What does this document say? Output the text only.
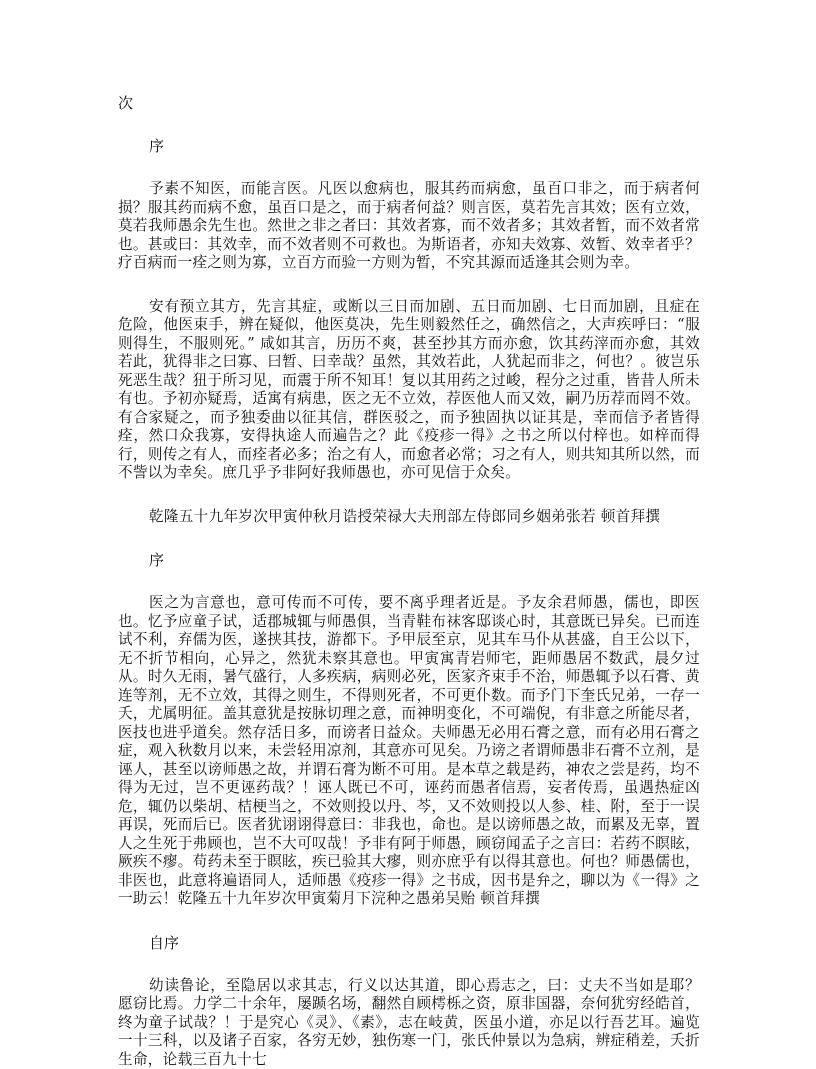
次

序

予素不知医，而能言医。凡医以愈病也，服其药而病愈，虽百口非之，而于病者何损？服其药而病不愈，虽百口是之，而于病者何益？则言医，莫若先言其效；医有立效，莫若我师愚余先生也。然世之非之者曰：其效者寡，而不效者多；其效者暂，而不效者常也。甚或曰：其效幸，而不效者则不可救也。为斯语者，亦知夫效寡、效暂、效幸者乎？疗百病而一痊之则为寡，立百方而验一方则为暂，不究其源而适逢其会则为幸。

安有预立其方，先言其症，或断以三日而加剧、五日而加剧、七日而加剧，且症在危险，他医束手，辨在疑似，他医莫决，先生则毅然任之，确然信之，大声疾呼曰：“服则得生，不服则死。” 咸如其言，历历不爽，甚至抄其方而亦愈，饮其药滓而亦愈，其效若此，犹得非之曰寡、曰暂、曰幸哉？虽然，其效若此，人犹起而非之，何也？。彼岂乐死恶生哉？狃于所习见，而震于所不知耳！复以其用药之过峻，程分之过重，皆昔人所未有也。予初亦疑焉，适寓有病患，医之无不立效，荐医他人而又效，嗣乃历荐而罔不效。有合家疑之，而予独委曲以征其信，群医驳之，而予独固执以证其是，幸而信予者皆得痊，然口众我寡，安得执途人而遍告之？此《疫疹一得》之书之所以付梓也。如梓而得行，则传之有人，而痊者必多；治之有人，而愈者必常；习之有人，则共知其所以然，而不訾以为幸矣。庶几乎予非阿好我师愚也，亦可见信于众矣。

乾隆五十九年岁次甲寅仲秋月诰授荣禄大夫刑部左侍郎同乡姻弟张若 顿首拜撰

序

医之为言意也，意可传而不可传，要不离乎理者近是。予友余君师愚，儒也，即医也。忆予应童子试，适郡城辄与师愚俱，当青鞋布袜客邸谈心时，其意既已异矣。已而连试不利，弃儒为医，遂挟其技，游都下。予甲辰至京，见其车马仆从甚盛，自王公以下，无不折节相向，心异之，然犹未察其意也。甲寅寓青岩师宅，距师愚居不数武，晨夕过从。时久无雨，暑气盛行，人多疾病，病则必死，医家齐束手不治，师愚辄予以石膏、黄连等剂，无不立效，其得之则生，不得则死者，不可更仆数。而予门下奎氏兄弟，一存一夭，尤属明征。盖其意犹是按脉切理之意，而神明变化，不可端倪，有非意之所能尽者，医技也进乎道矣。然存活日多，而谤者日益众。夫师愚无必用石膏之意，而有必用石膏之症，观入秋数月以来，未尝轻用凉剂，其意亦可见矣。乃谤之者谓师愚非石膏不立剂，是诬人，甚至以谤师愚之故，并谓石膏为断不可用。是本草之载是药，神农之尝是药，均不得为无过，岂不更诬药哉？！诬人既已不可，诬药而愚者信焉，妄者传焉，虽遇热症凶危，辄仍以柴胡、桔梗当之，不效则投以丹、芩，又不效则投以人参、桂、附，至于一误再误，死而后已。医者犹诩诩得意曰：非我也，命也。是以谤师愚之故，而累及无辜，置人之生死于弗顾也，岂不大可叹哉！予非有阿于师愚，顾窃闻孟子之言曰：若药不瞑眩，厥疾不瘳。苟药未至于瞑眩，疾已验其大瘳，则亦庶乎有以得其意也。何也？师愚儒也，非医也，此意将遍语同人，适师愚《疫疹一得》之书成，因书是弁之，聊以为《一得》之一助云！乾隆五十九年岁次甲寅菊月下浣种之愚弟吴贻 顿首拜撰

自序

幼读鲁论，至隐居以求其志，行义以达其道，即心焉志之，曰：丈夫不当如是耶？愿窃比焉。力学二十余年，屡踬名场，翻然自顾樗栎之资，原非国器，奈何犹穷经皓首，终为童子试哉？！于是究心《灵》、《素》，志在岐黄，医虽小道，亦足以行吾艺耳。遍览一十三科，以及诸子百家，各穷无妙，独伤寒一门，张氏仲景以为急病，辨症稍差，夭折生命，论载三百九十七
